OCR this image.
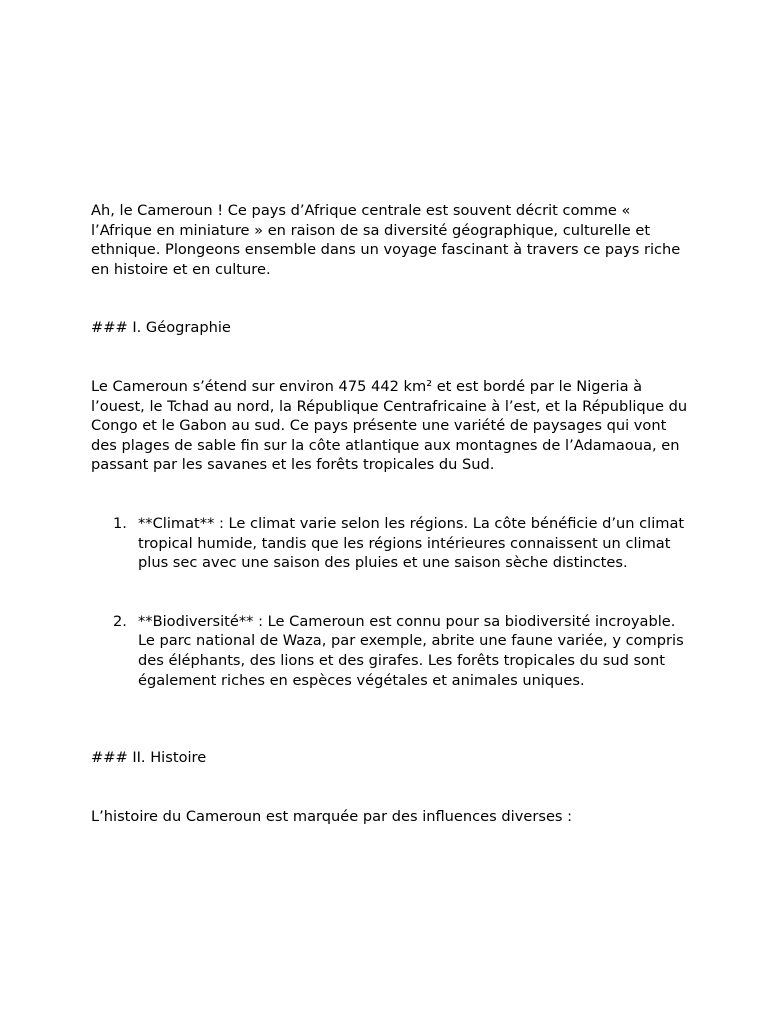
Ah, le Cameroun ! Ce pays d’Afrique centrale est souvent décrit comme « l’Afrique en miniature » en raison de sa diversité géographique, culturelle et ethnique. Plongeons ensemble dans un voyage fascinant à travers ce pays riche en histoire et en culture.

### I. Géographie

Le Cameroun s’étend sur environ 475 442 km² et est bordé par le Nigeria à l’ouest, le Tchad au nord, la République Centrafricaine à l’est, et la République du Congo et le Gabon au sud. Ce pays présente une variété de paysages qui vont des plages de sable fin sur la côte atlantique aux montagnes de l’Adamaoua, en passant par les savanes et les forêts tropicales du Sud.

1. **Climat** : Le climat varie selon les régions. La côte bénéficie d’un climat tropical humide, tandis que les régions intérieures connaissent un climat plus sec avec une saison des pluies et une saison sèche distinctes.
2. **Biodiversité** : Le Cameroun est connu pour sa biodiversité incroyable. Le parc national de Waza, par exemple, abrite une faune variée, y compris des éléphants, des lions et des girafes. Les forêts tropicales du sud sont également riches en espèces végétales et animales uniques.

### II. Histoire

L’histoire du Cameroun est marquée par des influences diverses :
